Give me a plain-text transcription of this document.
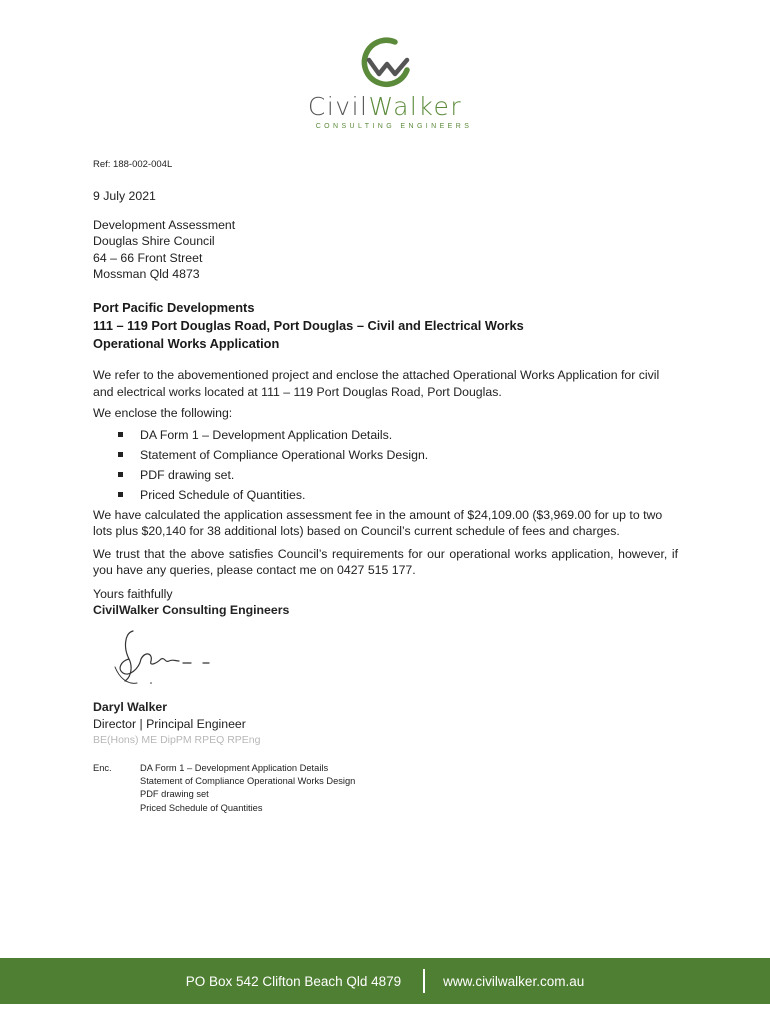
CivilWalker
CONSULTING ENGINEERS
Ref: 188-002-004L
9 July 2021
Development Assessment
Douglas Shire Council
64 – 66 Front Street
Mossman Qld 4873
Port Pacific Developments
111 – 119 Port Douglas Road, Port Douglas – Civil and Electrical Works
Operational Works Application

We refer to the abovementioned project and enclose the attached Operational Works Application for civil and electrical works located at 111 – 119 Port Douglas Road, Port Douglas.

We enclose the following:

DA Form 1 – Development Application Details.
Statement of Compliance Operational Works Design.
PDF drawing set.
Priced Schedule of Quantities.

We have calculated the application assessment fee in the amount of $24,109.00 ($3,969.00 for up to two lots plus $20,140 for 38 additional lots) based on Council’s current schedule of fees and charges.

We trust that the above satisfies Council’s requirements for our operational works application, however, if you have any queries, please contact me on 0427 515 177.

Yours faithfully
CivilWalker Consulting Engineers
Daryl Walker
Director | Principal Engineer
BE(Hons) ME DipPM RPEQ RPEng
Enc.	DA Form 1 – Development Application Details
Statement of Compliance Operational Works Design
PDF drawing set
Priced Schedule of Quantities
PO Box 542 Clifton Beach Qld 4879	www.civilwalker.com.au
